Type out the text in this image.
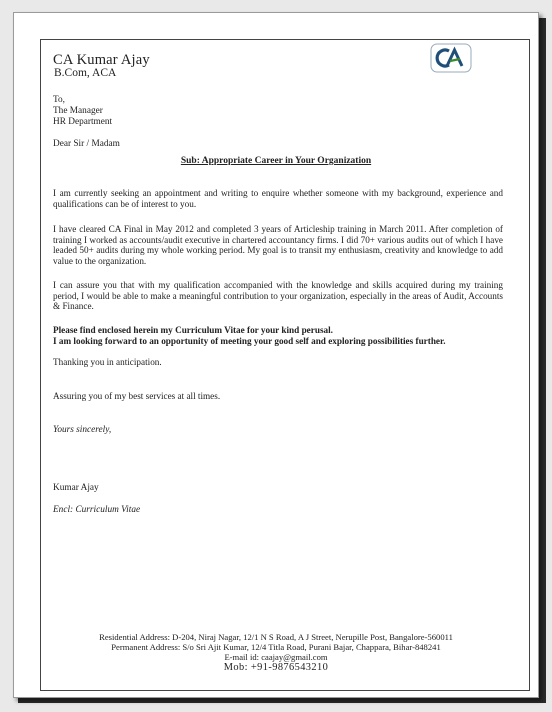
CA Kumar Ajay
B.Com, ACA
To,
The Manager
HR Department
Dear Sir / Madam
Sub: Appropriate Career in Your Organization
I am currently seeking an appointment and writing to enquire whether someone with my background, experience and qualifications can be of interest to you.
I have cleared CA Final in May 2012 and completed 3 years of Articleship training in March 2011. After completion of training I worked as accounts/audit executive in chartered accountancy firms. I did 70+ various audits out of which I have leaded 50+ audits during my whole working period. My goal is to transit my enthusiasm, creativity and knowledge to add value to the organization.
I can assure you that with my qualification accompanied with the knowledge and skills acquired during my training period, I would be able to make a meaningful contribution to your organization, especially in the areas of Audit, Accounts & Finance.
Please find enclosed herein my Curriculum Vitae for your kind perusal.
I am looking forward to an opportunity of meeting your good self and exploring possibilities further.
Thanking you in anticipation.
Assuring you of my best services at all times.
Yours sincerely,
Kumar Ajay
Encl: Curriculum Vitae
Residential Address: D-204, Niraj Nagar, 12/1 N S Road, A J Street, Nerupille Post, Bangalore-560011
Permanent Address: S/o Sri Ajit Kumar, 12/4 Titla Road, Purani Bajar, Chappara, Bihar-848241
E-mail id: caajay@gmail.com
Mob: +91-9876543210
